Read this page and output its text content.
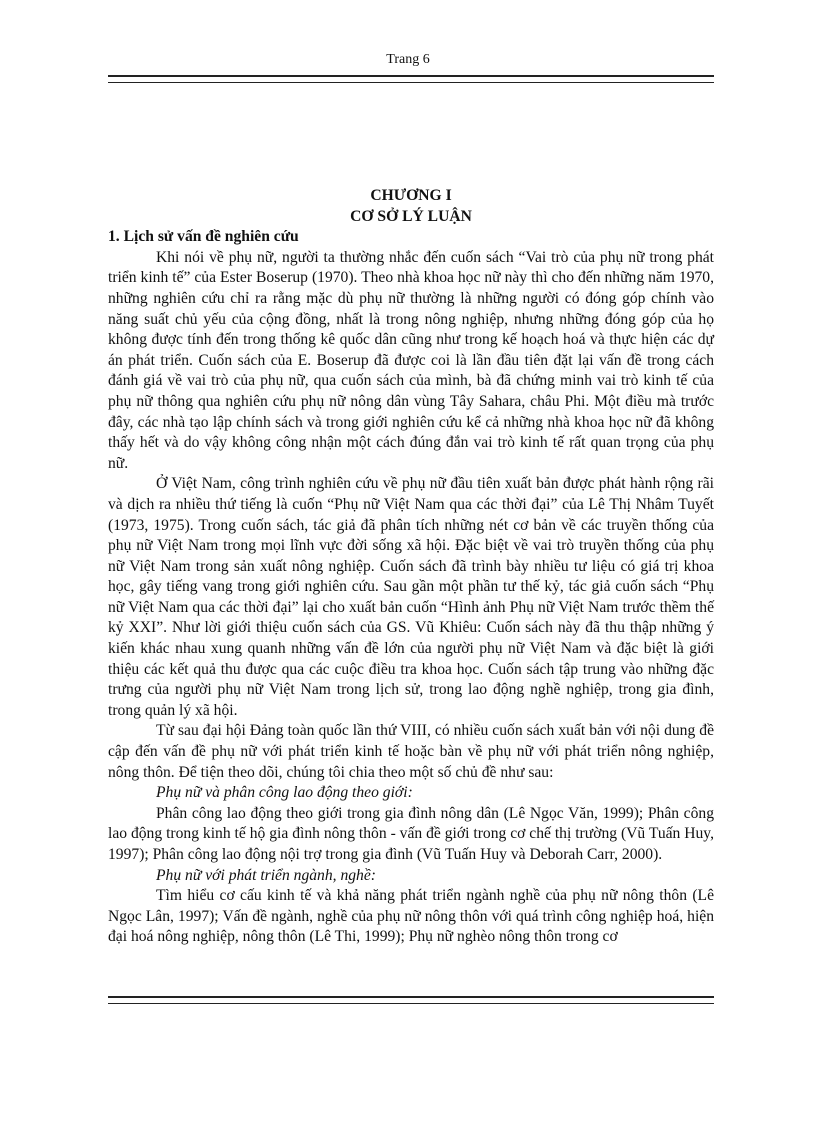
Trang 6

CHƯƠNG I

CƠ SỞ LÝ LUẬN

1. Lịch sử vấn đề nghiên cứu

Khi nói về phụ nữ, người ta thường nhắc đến cuốn sách “Vai trò của phụ nữ trong phát triển kinh tế” của Ester Boserup (1970). Theo nhà khoa học nữ này thì cho đến những năm 1970, những nghiên cứu chỉ ra rằng mặc dù phụ nữ thường là những người có đóng góp chính vào năng suất chủ yếu của cộng đồng, nhất là trong nông nghiệp, nhưng những đóng góp của họ không được tính đến trong thống kê quốc dân cũng như trong kế hoạch hoá và thực hiện các dự án phát triển. Cuốn sách của E. Boserup đã được coi là lần đầu tiên đặt lại vấn đề trong cách đánh giá về vai trò của phụ nữ, qua cuốn sách của mình, bà đã chứng minh vai trò kinh tế của phụ nữ thông qua nghiên cứu phụ nữ nông dân vùng Tây Sahara, châu Phi. Một điều mà trước đây, các nhà tạo lập chính sách và trong giới nghiên cứu kể cả những nhà khoa học nữ đã không thấy hết và do vậy không công nhận một cách đúng đắn vai trò kinh tế rất quan trọng của phụ nữ.

Ở Việt Nam, công trình nghiên cứu về phụ nữ đầu tiên xuất bản được phát hành rộng rãi và dịch ra nhiều thứ tiếng là cuốn “Phụ nữ Việt Nam qua các thời đại” của Lê Thị Nhâm Tuyết (1973, 1975). Trong cuốn sách, tác giả đã phân tích những nét cơ bản về các truyền thống của phụ nữ Việt Nam trong mọi lĩnh vực đời sống xã hội. Đặc biệt về vai trò truyền thống của phụ nữ Việt Nam trong sản xuất nông nghiệp. Cuốn sách đã trình bày nhiều tư liệu có giá trị khoa học, gây tiếng vang trong giới nghiên cứu. Sau gần một phần tư thế kỷ, tác giả cuốn sách “Phụ nữ Việt Nam qua các thời đại” lại cho xuất bản cuốn “Hình ảnh Phụ nữ Việt Nam trước thềm thế kỷ XXI”. Như lời giới thiệu cuốn sách của GS. Vũ Khiêu: Cuốn sách này đã thu thập những ý kiến khác nhau xung quanh những vấn đề lớn của người phụ nữ Việt Nam và đặc biệt là giới thiệu các kết quả thu được qua các cuộc điều tra khoa học. Cuốn sách tập trung vào những đặc trưng của người phụ nữ Việt Nam trong lịch sử, trong lao động nghề nghiệp, trong gia đình, trong quản lý xã hội.

Từ sau đại hội Đảng toàn quốc lần thứ VIII, có nhiều cuốn sách xuất bản với nội dung đề cập đến vấn đề phụ nữ với phát triển kinh tế hoặc bàn về phụ nữ với phát triển nông nghiệp, nông thôn. Để tiện theo dõi, chúng tôi chia theo một số chủ đề như sau:

Phụ nữ và phân công lao động theo giới:

Phân công lao động theo giới trong gia đình nông dân (Lê Ngọc Văn, 1999); Phân công lao động trong kinh tế hộ gia đình nông thôn - vấn đề giới trong cơ chế thị trường (Vũ Tuấn Huy, 1997); Phân công lao động nội trợ trong gia đình (Vũ Tuấn Huy và Deborah Carr, 2000).

Phụ nữ với phát triển ngành, nghề:

Tìm hiểu cơ cấu kinh tế và khả năng phát triển ngành nghề của phụ nữ nông thôn (Lê Ngọc Lân, 1997); Vấn đề ngành, nghề của phụ nữ nông thôn với quá trình công nghiệp hoá, hiện đại hoá nông nghiệp, nông thôn (Lê Thi, 1999); Phụ nữ nghèo nông thôn trong cơ
